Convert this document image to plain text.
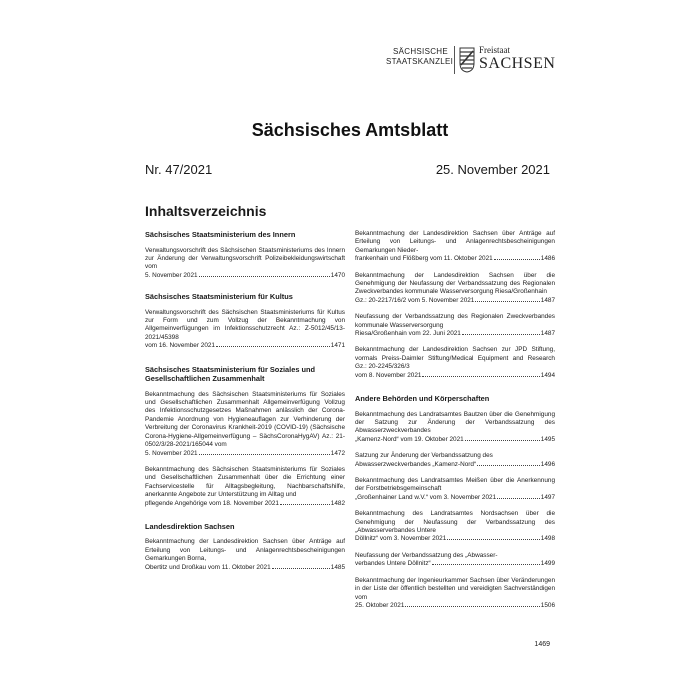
SÄCHSISCHE
STAATSKANZLEI
Freistaat
SACHSEN
Sächsisches Amtsblatt
Nr. 47/2021	25. November 2021
Inhaltsverzeichnis
Sächsisches Staatsministerium des Innern
Verwaltungsvorschrift des Sächsischen Staatsministeriums des Innern zur Änderung der Verwaltungsvorschrift Polizeibekleidungswirtschaft vom
5. November 2021	1470
Sächsisches Staatsministerium für Kultus
Verwaltungsvorschrift des Sächsischen Staatsministeriums für Kultus zur Form und zum Vollzug der Bekanntmachung von Allgemeinverfügungen im Infektionsschutzrecht Az.: Z-5012/45/13-2021/45398
vom 16. November 2021	1471
Sächsisches Staatsministerium für Soziales und Gesellschaftlichen Zusammenhalt
Bekanntmachung des Sächsischen Staatsministeriums für Soziales und Gesellschaftlichen Zusammenhalt Allgemeinverfügung Vollzug des Infektionsschutzgesetzes Maßnahmen anlässlich der Corona-Pandemie Anordnung von Hygieneauflagen zur Verhinderung der Verbreitung der Coronavirus Krankheit-2019 (COVID-19) (Sächsische Corona-Hygiene-Allgemeinverfügung – SächsCoronaHygAV) Az.: 21-0502/3/28-2021/165044 vom
5. November 2021	1472
Bekanntmachung des Sächsischen Staatsministeriums für Soziales und Gesellschaftlichen Zusammenhalt über die Errichtung einer Fachservicestelle für Alltagsbegleitung, Nachbarschaftshilfe, anerkannte Angebote zur Unterstützung im Alltag und
pflegende Angehörige vom 18. November 2021	1482
Landesdirektion Sachsen
Bekanntmachung der Landesdirektion Sachsen über Anträge auf Erteilung von Leitungs- und Anlagenrechtsbescheinigungen Gemarkungen Borna,
Obertitz und Droßkau vom 11. Oktober 2021	1485
Bekanntmachung der Landesdirektion Sachsen über Anträge auf Erteilung von Leitungs- und Anlagenrechtsbescheinigungen Gemarkungen Nieder-
frankenhain und Flößberg vom 11. Oktober 2021	1486
Bekanntmachung der Landesdirektion Sachsen über die Genehmigung der Neufassung der Verbandssatzung des Regionalen Zweckverbandes kommunale Wasserversorgung Riesa/Großenhain
Gz.: 20-2217/16/2 vom 5. November 2021	1487
Neufassung der Verbandssatzung des Regionalen Zweckverbandes kommunale Wasserversorgung
Riesa/Großenhain vom 22. Juni 2021	1487
Bekanntmachung der Landesdirektion Sachsen zur JPD Stiftung, vormals Preiss-Daimler Stiftung/Medical Equipment and Research Gz.: 20-2245/326/3
vom 8. November 2021	1494
Andere Behörden und Körperschaften
Bekanntmachung des Landratsamtes Bautzen über die Genehmigung der Satzung zur Änderung der Verbandssatzung des Abwasserzweckverbandes
„Kamenz-Nord“ vom 19. Oktober 2021	1495
Satzung zur Änderung der Verbandssatzung des
Abwasserzweckverbandes „Kamenz-Nord“	1496
Bekanntmachung des Landratsamtes Meißen über die Anerkennung der Forstbetriebsgemeinschaft
„Großenhainer Land w.V.“ vom 3. November 2021	1497
Bekanntmachung des Landratsamtes Nordsachsen über die Genehmigung der Neufassung der Verbandssatzung des „Abwasserverbandes Untere
Döllnitz“ vom 3. November 2021	1498
Neufassung der Verbandssatzung des „Abwasser-
verbandes Untere Döllnitz“	1499
Bekanntmachung der Ingenieurkammer Sachsen über Veränderungen in der Liste der öffentlich bestellten und vereidigten Sachverständigen vom
25. Oktober 2021	1506
1469
